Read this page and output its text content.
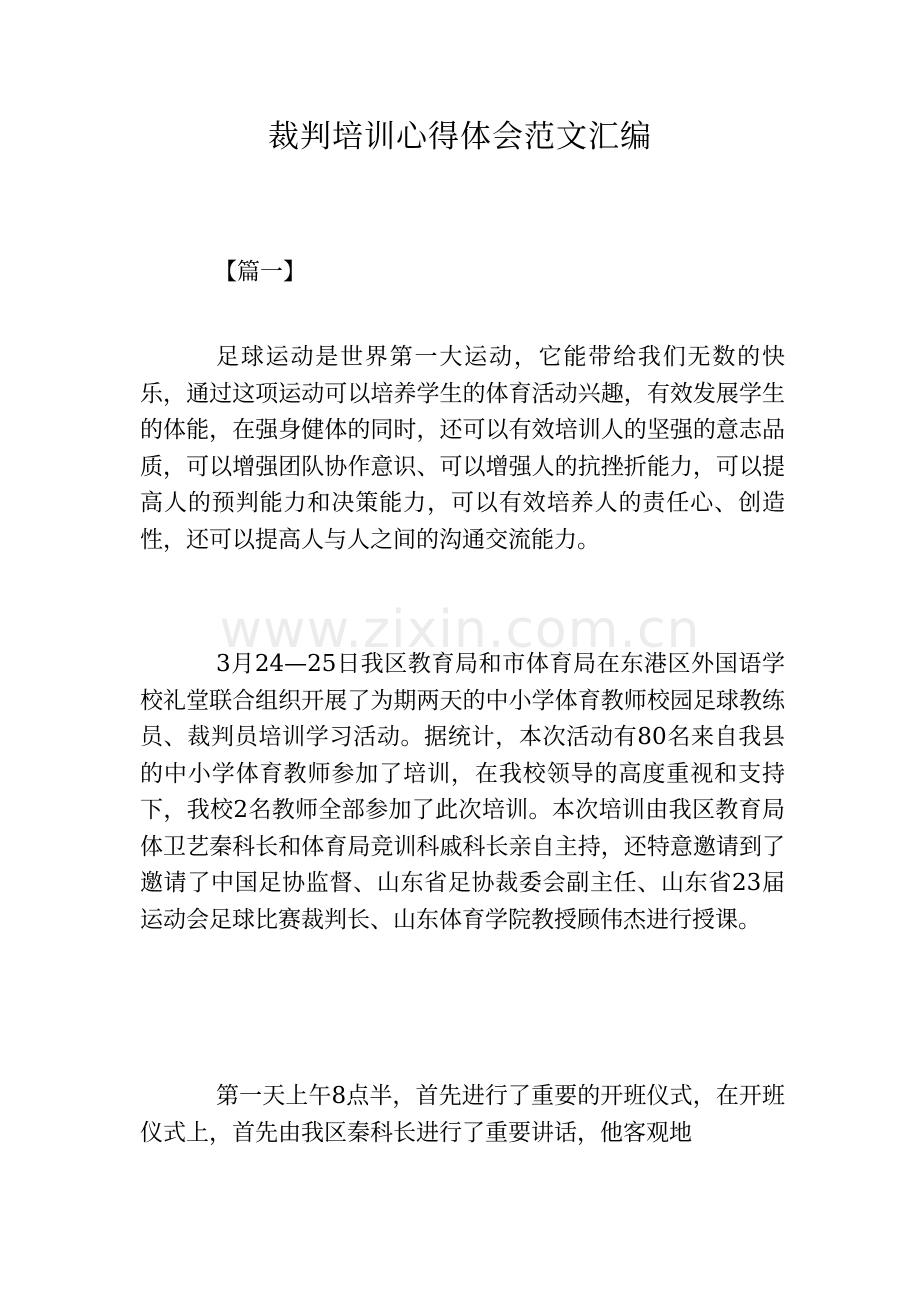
裁判培训心得体会范文汇编
【篇一】

足球运动是世界第一大运动，它能带给我们无数的快乐，通过这项运动可以培养学生的体育活动兴趣，有效发展学生的体能，在强身健体的同时，还可以有效培训人的坚强的意志品质，可以增强团队协作意识、可以增强人的抗挫折能力，可以提高人的预判能力和决策能力，可以有效培养人的责任心、创造性，还可以提高人与人之间的沟通交流能力。

3月24—25日我区教育局和市体育局在东港区外国语学校礼堂联合组织开展了为期两天的中小学体育教师校园足球教练员、裁判员培训学习活动。据统计，本次活动有80名来自我县的中小学体育教师参加了培训，在我校领导的高度重视和支持下，我校2名教师全部参加了此次培训。本次培训由我区教育局体卫艺秦科长和体育局竞训科戚科长亲自主持，还特意邀请到了邀请了中国足协监督、山东省足协裁委会副主任、山东省23届运动会足球比赛裁判长、山东体育学院教授顾伟杰进行授课。

第一天上午8点半，首先进行了重要的开班仪式，在开班仪式上，首先由我区秦科长进行了重要讲话，他客观地

www.zixin.com.cn
